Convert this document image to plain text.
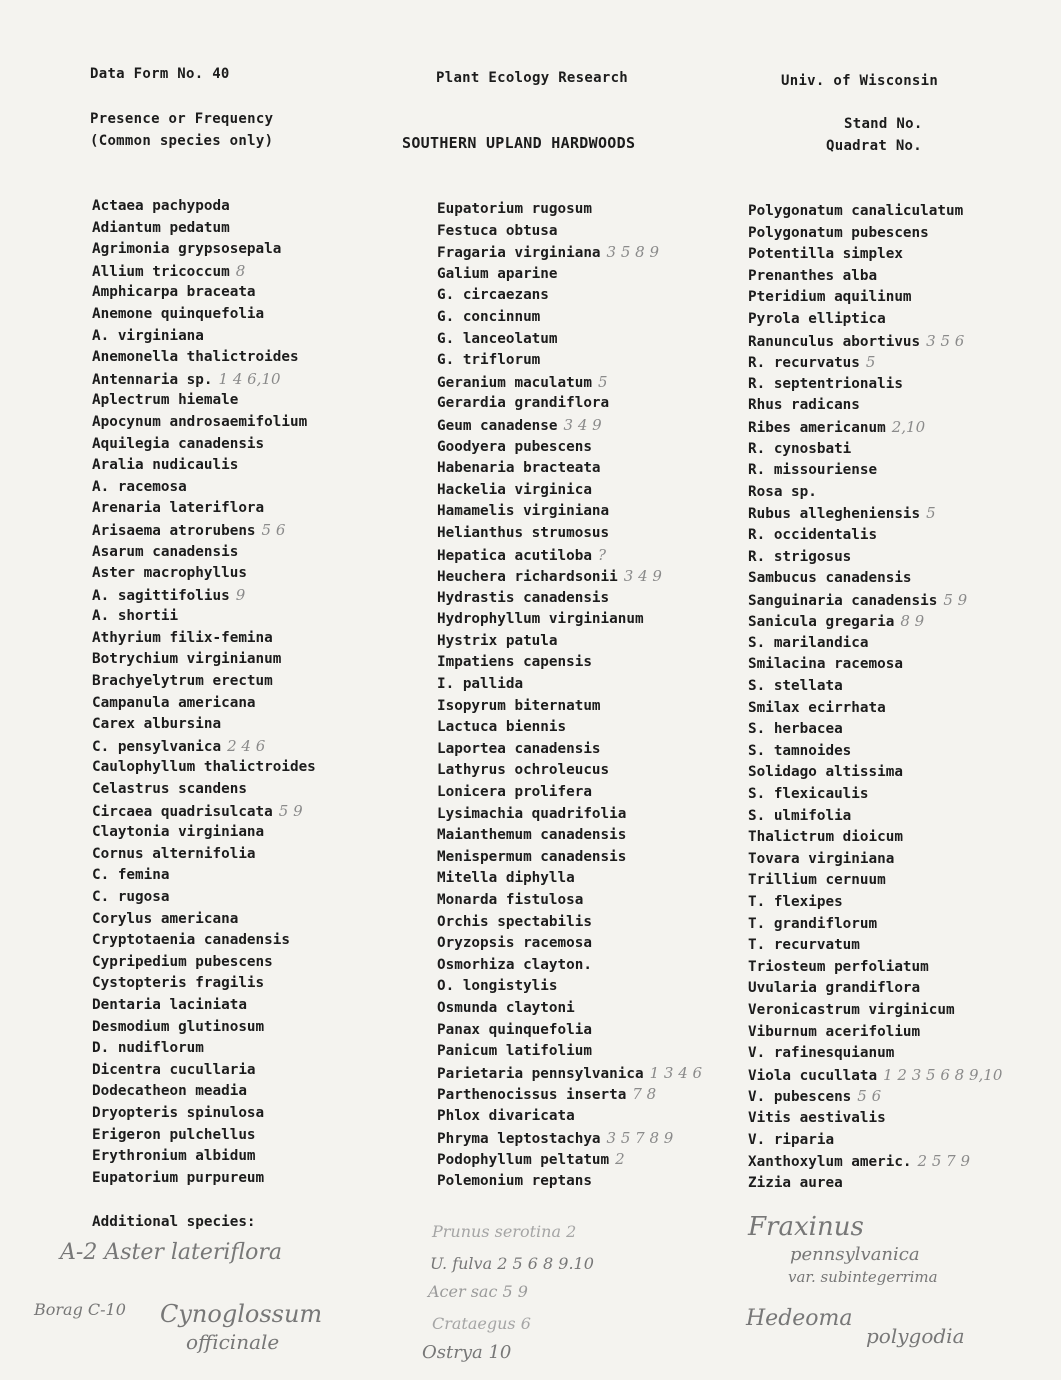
Data Form No. 40	Plant Ecology Research	Univ. of Wisconsin
Presence or Frequency
(Common species only)	SOUTHERN UPLAND HARDWOODS
Stand No.
Quadrat No.
Actaea pachypoda
Adiantum pedatum
Agrimonia grypsosepala
Allium tricoccum 8
Amphicarpa braceata
Anemone quinquefolia
A. virginiana
Anemonella thalictroides
Antennaria sp. 1 4 6,10
Aplectrum hiemale
Apocynum androsaemifolium
Aquilegia canadensis
Aralia nudicaulis
A. racemosa
Arenaria lateriflora
Arisaema atrorubens 5 6
Asarum canadensis
Aster macrophyllus
A. sagittifolius 9
A. shortii
Athyrium filix-femina
Botrychium virginianum
Brachyelytrum erectum
Campanula americana
Carex albursina
C. pensylvanica 2 4 6
Caulophyllum thalictroides
Celastrus scandens
Circaea quadrisulcata 5 9
Claytonia virginiana
Cornus alternifolia
C. femina
C. rugosa
Corylus americana
Cryptotaenia canadensis
Cypripedium pubescens
Cystopteris fragilis
Dentaria laciniata
Desmodium glutinosum
D. nudiflorum
Dicentra cucullaria
Dodecatheon meadia
Dryopteris spinulosa
Erigeron pulchellus
Erythronium albidum
Eupatorium purpureum
Eupatorium rugosum
Festuca obtusa
Fragaria virginiana 3 5 8 9
Galium aparine
G. circaezans
G. concinnum
G. lanceolatum
G. triflorum
Geranium maculatum 5
Gerardia grandiflora
Geum canadense 3 4 9
Goodyera pubescens
Habenaria bracteata
Hackelia virginica
Hamamelis virginiana
Helianthus strumosus
Hepatica acutiloba ?
Heuchera richardsonii 3 4 9
Hydrastis canadensis
Hydrophyllum virginianum
Hystrix patula
Impatiens capensis
I. pallida
Isopyrum biternatum
Lactuca biennis
Laportea canadensis
Lathyrus ochroleucus
Lonicera prolifera
Lysimachia quadrifolia
Maianthemum canadensis
Menispermum canadensis
Mitella diphylla
Monarda fistulosa
Orchis spectabilis
Oryzopsis racemosa
Osmorhiza clayton.
O. longistylis
Osmunda claytoni
Panax quinquefolia
Panicum latifolium
Parietaria pennsylvanica 1 3 4 6
Parthenocissus inserta 7 8
Phlox divaricata
Phryma leptostachya 3 5 7 8 9
Podophyllum peltatum 2
Polemonium reptans
Polygonatum canaliculatum
Polygonatum pubescens
Potentilla simplex
Prenanthes alba
Pteridium aquilinum
Pyrola elliptica
Ranunculus abortivus 3 5 6
R. recurvatus 5
R. septentrionalis
Rhus radicans
Ribes americanum 2,10
R. cynosbati
R. missouriense
Rosa sp.
Rubus allegheniensis 5
R. occidentalis
R. strigosus
Sambucus canadensis
Sanguinaria canadensis 5 9
Sanicula gregaria 8 9
S. marilandica
Smilacina racemosa
S. stellata
Smilax ecirrhata
S. herbacea
S. tamnoides
Solidago altissima
S. flexicaulis
S. ulmifolia
Thalictrum dioicum
Tovara virginiana
Trillium cernuum
T. flexipes
T. grandiflorum
T. recurvatum
Triosteum perfoliatum
Uvularia grandiflora
Veronicastrum virginicum
Viburnum acerifolium
V. rafinesquianum
Viola cucullata 1 2 3 5 6 8 9,10
V. pubescens 5 6
Vitis aestivalis
V. riparia
Xanthoxylum americ. 2 5 7 9
Zizia aurea
Additional species:
A-2 Aster lateriflora
Borag C-10 Cynoglossum
officinale
Prunus serotina 2
U. fulva 2 5 6 8 9.10
Acer sac 5 9
Crataegus 6
Ostrya 10
Fraxinus
pennsylvanica
var. subintegerrima
Hedeoma
polygodia
